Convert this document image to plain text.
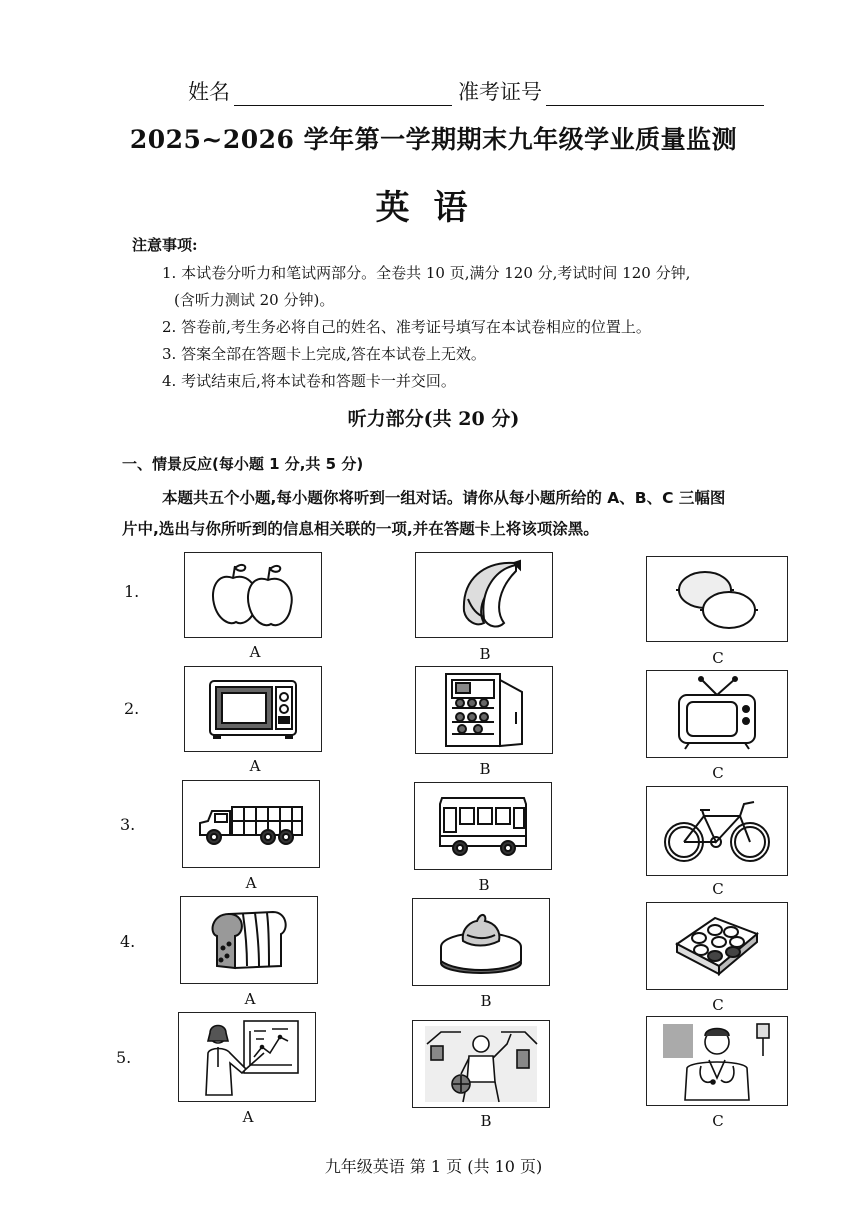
姓名	准考证号
2025~2026 学年第一学期期末九年级学业质量监测
英语
注意事项:
1. 本试卷分听力和笔试两部分。全卷共 10 页,满分 120 分,考试时间 120 分钟,
(含听力测试 20 分钟)。
2. 答卷前,考生务必将自己的姓名、准考证号填写在本试卷相应的位置上。
3. 答案全部在答题卡上完成,答在本试卷上无效。
4. 考试结束后,将本试卷和答题卡一并交回。
听力部分(共 20 分)
一、情景反应(每小题 1 分,共 5 分)
本题共五个小题,每小题你将听到一组对话。请你从每小题所给的 A、B、C 三幅图
片中,选出与你所听到的信息相关联的一项,并在答题卡上将该项涂黑。
1.
A	B	C
2.
A	B	C
3.
A	B	C
4.
A	B	C
5.
A	B	C
九年级英语 第 1 页 (共 10 页)
